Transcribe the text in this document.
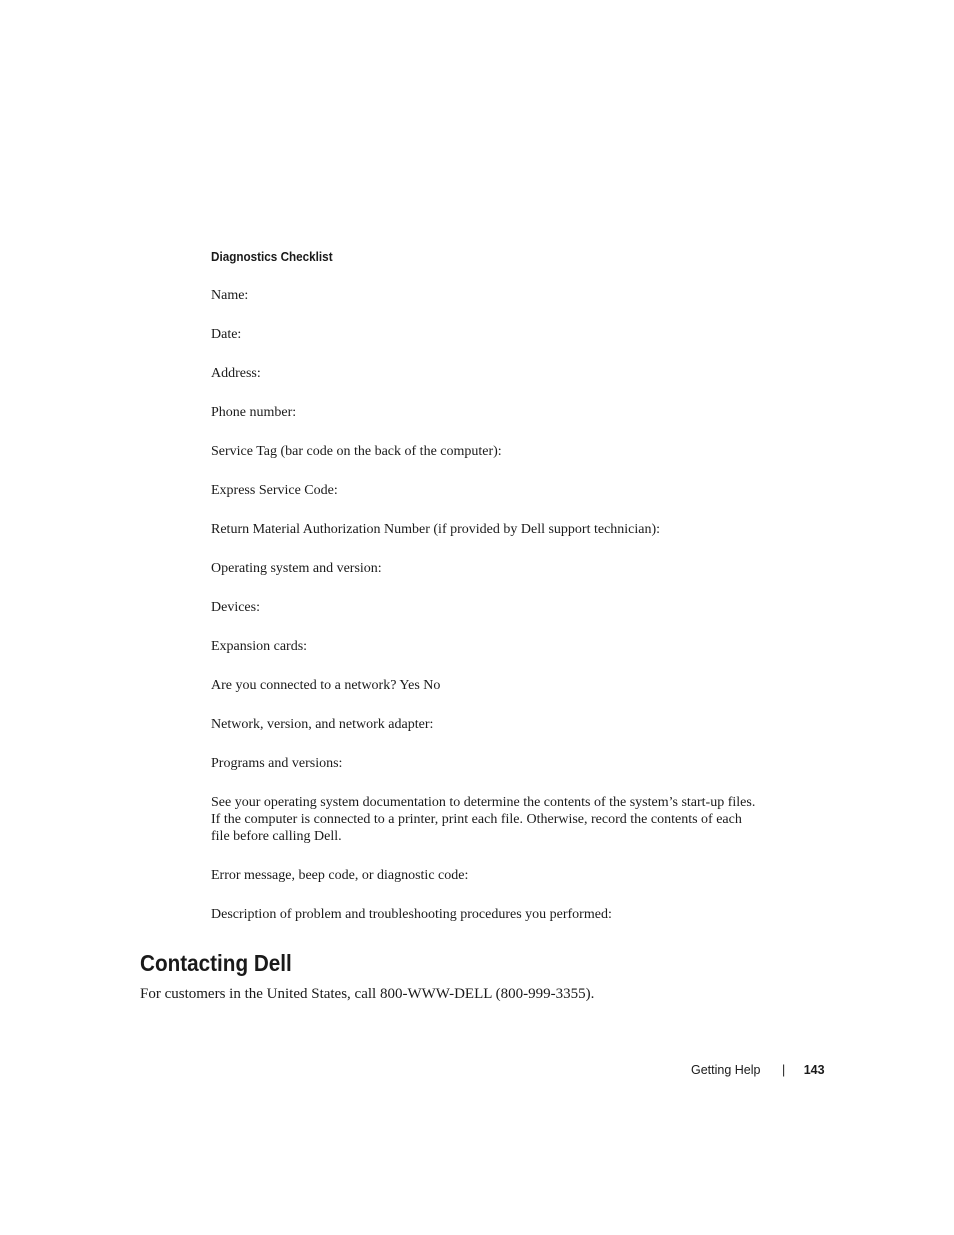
Diagnostics Checklist

Name:

Date:

Address:

Phone number:

Service Tag (bar code on the back of the computer):

Express Service Code:

Return Material Authorization Number (if provided by Dell support technician):

Operating system and version:

Devices:

Expansion cards:

Are you connected to a network? Yes No

Network, version, and network adapter:

Programs and versions:

See your operating system documentation to determine the contents of the system’s start-up files. If the computer is connected to a printer, print each file. Otherwise, record the contents of each file before calling Dell.

Error message, beep code, or diagnostic code:

Description of problem and troubleshooting procedures you performed:

Contacting Dell

For customers in the United States, call 800-WWW-DELL (800-999-3355).

Getting Help | 143
